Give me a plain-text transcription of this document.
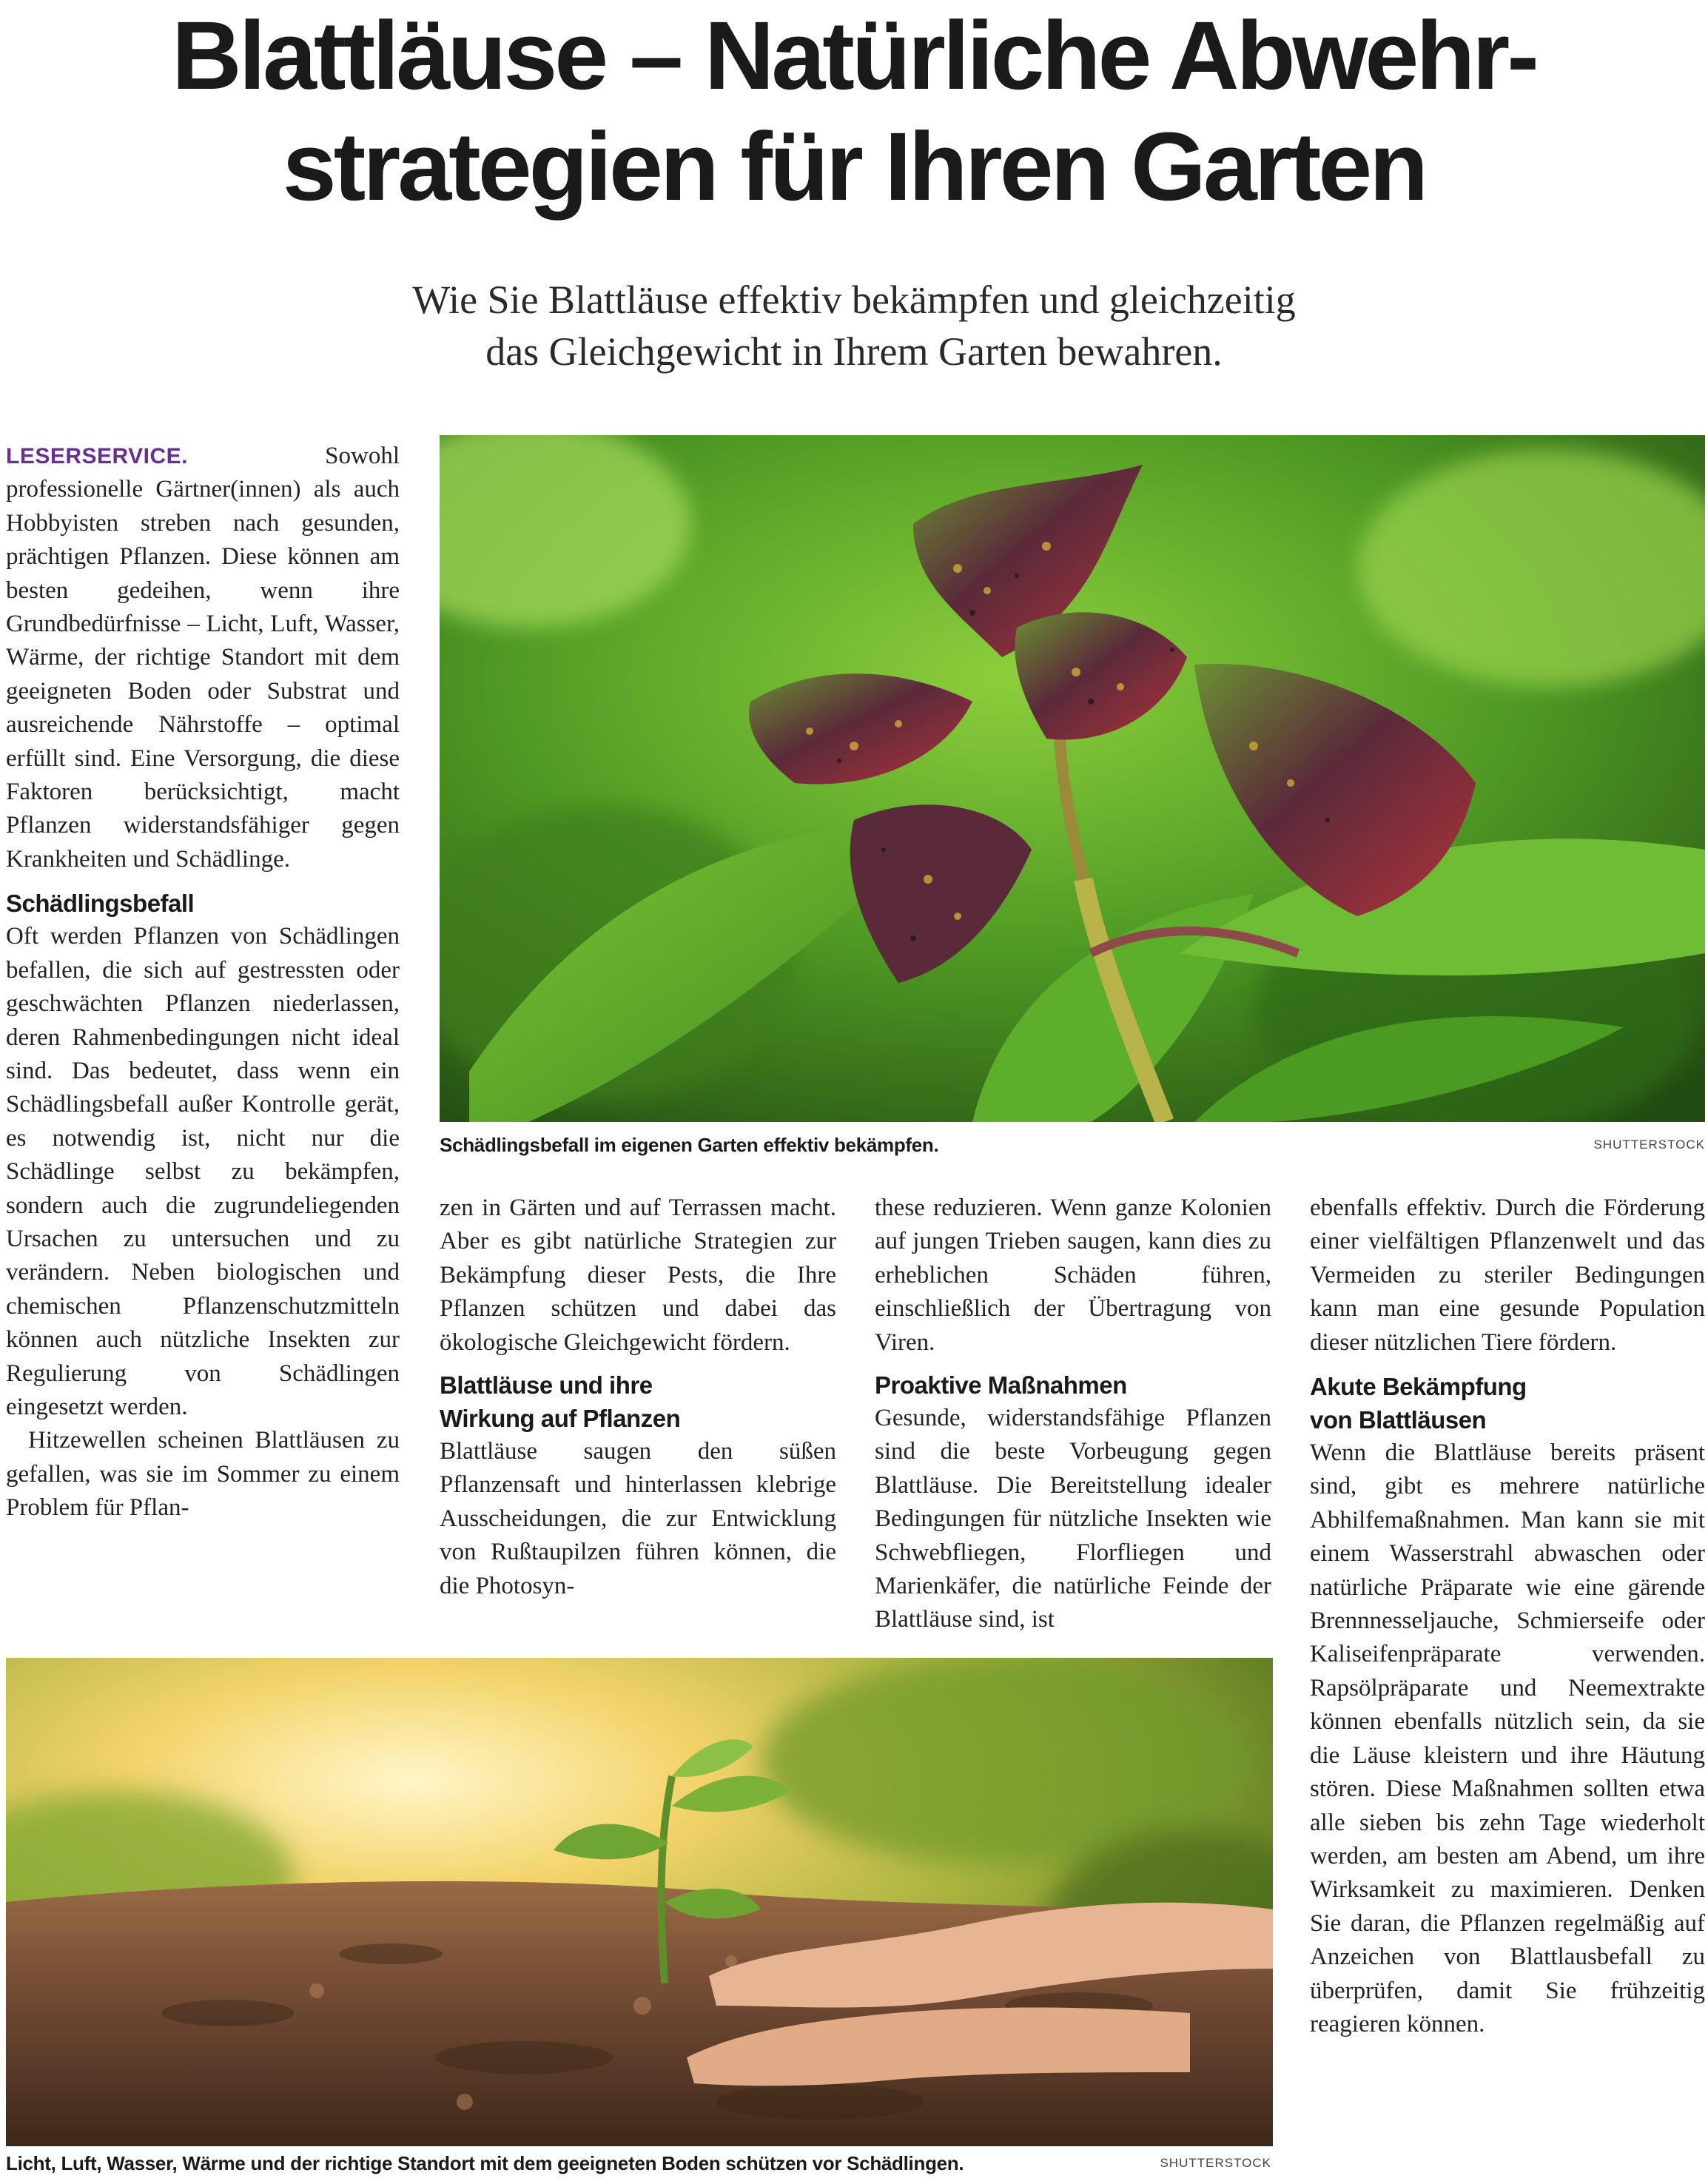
Blattläuse – Natürliche Abwehr-
strategien für Ihren Garten

Wie Sie Blattläuse effektiv bekämpfen und gleichzeitig
das Gleichgewicht in Ihrem Garten bewahren.

LESERSERVICE.	Sowohl professionelle Gärtner(innen) als auch Hobbyisten streben nach gesunden, prächtigen Pflanzen. Diese können am besten gedeihen, wenn ihre Grundbedürfnisse – Licht, Luft, Wasser, Wärme, der richtige Standort mit dem geeigneten Boden oder Substrat und ausreichende Nährstoffe – optimal erfüllt sind. Eine Versorgung, die diese Faktoren berücksichtigt, macht Pflanzen widerstandsfähiger gegen Krankheiten und Schädlinge.

Schädlingsbefall

Oft werden Pflanzen von Schädlingen befallen, die sich auf gestressten oder geschwächten Pflanzen niederlassen, deren Rahmenbedingungen nicht ideal sind. Das bedeutet, dass wenn ein Schädlingsbefall außer Kontrolle gerät, es notwendig ist, nicht nur die Schädlinge selbst zu bekämpfen, sondern auch die zugrundeliegenden Ursachen zu untersuchen und zu verändern. Neben biologischen und chemischen Pflanzenschutzmitteln können auch nützliche Insekten zur Regulierung von Schädlingen eingesetzt werden.

Hitzewellen scheinen Blattläusen zu gefallen, was sie im Sommer zu einem Problem für Pflan-

Schädlingsbefall im eigenen Garten effektiv bekämpfen.	SHUTTERSTOCK

zen in Gärten und auf Terrassen macht. Aber es gibt natürliche Strategien zur Bekämpfung dieser Pests, die Ihre Pflanzen schützen und dabei das ökologische Gleichgewicht fördern.

Blattläuse und ihre
Wirkung auf Pflanzen

Blattläuse saugen den süßen Pflanzensaft und hinterlassen klebrige Ausscheidungen, die zur Entwicklung von Rußtaupilzen führen können, die die Photosyn-

these reduzieren. Wenn ganze Kolonien auf jungen Trieben saugen, kann dies zu erheblichen Schäden führen, einschließlich der Übertragung von Viren.

Proaktive Maßnahmen

Gesunde, widerstandsfähige Pflanzen sind die beste Vorbeugung gegen Blattläuse. Die Bereitstellung idealer Bedingungen für nützliche Insekten wie Schwebfliegen, Florfliegen und Marienkäfer, die natürliche Feinde der Blattläuse sind, ist

ebenfalls effektiv. Durch die Förderung einer vielfältigen Pflanzenwelt und das Vermeiden zu steriler Bedingungen kann man eine gesunde Population dieser nützlichen Tiere fördern.

Akute Bekämpfung
von Blattläusen

Wenn die Blattläuse bereits präsent sind, gibt es mehrere natürliche Abhilfemaßnahmen. Man kann sie mit einem Wasserstrahl abwaschen oder natürliche Präparate wie eine gärende Brennnesseljauche, Schmierseife oder Kaliseifenpräparate verwenden. Rapsölpräparate und Neemextrakte können ebenfalls nützlich sein, da sie die Läuse kleistern und ihre Häutung stören. Diese Maßnahmen sollten etwa alle sieben bis zehn Tage wiederholt werden, am besten am Abend, um ihre Wirksamkeit zu maximieren. Denken Sie daran, die Pflanzen regelmäßig auf Anzeichen von Blattlausbefall zu überprüfen, damit Sie frühzeitig reagieren können.

Licht, Luft, Wasser, Wärme und der richtige Standort mit dem geeigneten Boden schützen vor Schädlingen.	SHUTTERSTOCK
